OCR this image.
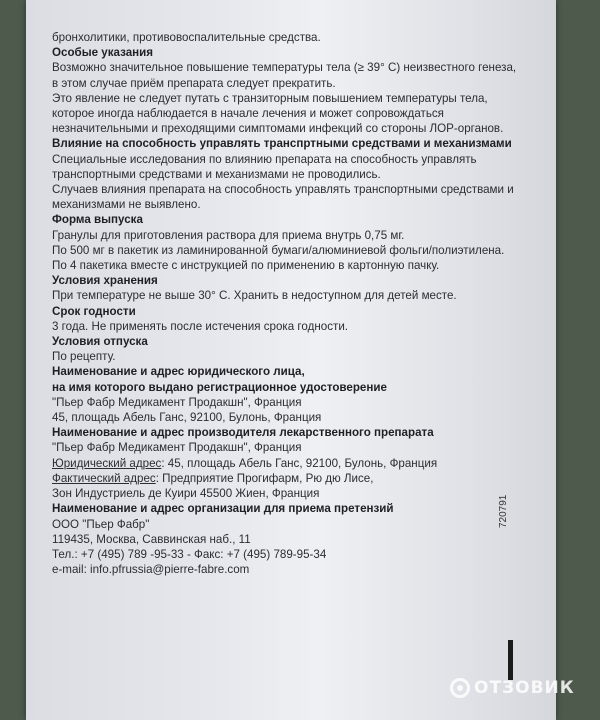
бронхолитики, противовоспалительные средства.

Особые указания

Возможно значительное повышение температуры тела (≥ 39° С) неизвестного генеза, в этом случае приём препарата следует прекратить.

Это явление не следует путать с транзиторным повышением температуры тела, которое иногда наблюдается в начале лечения и может сопровождаться незначительными и преходящими симптомами инфекций со стороны ЛОР-органов.

Влияние на способность управлять транспртными средствами и механизмами

Специальные исследования по влиянию препарата на способность управлять транспортными средствами и механизмами не проводились.

Случаев влияния препарата на способность управлять транспортными средствами и механизмами не выявлено.

Форма выпуска

Гранулы для приготовления раствора для приема внутрь 0,75 мг.

По 500 мг в пакетик из ламинированной бумаги/алюминиевой фольги/полиэтилена.

По 4 пакетика вместе с инструкцией по применению в картонную пачку.

Условия хранения

При температуре не выше 30° С. Хранить в недоступном для детей месте.

Срок годности

3 года. Не применять после истечения срока годности.

Условия отпуска

По рецепту.

Наименование и адрес юридического лица,

на имя которого выдано регистрационное удостоверение

"Пьер Фабр Медикамент Продакшн", Франция

45, площадь Абель Ганс, 92100, Булонь, Франция

Наименование и адрес производителя лекарственного препарата

"Пьер Фабр Медикамент Продакшн", Франция

Юридический адрес: 45, площадь Абель Ганс, 92100, Булонь, Франция

Фактический адрес: Предприятие Прогифарм, Рю дю Лисе,

Зон Индустриель де Куири 45500 Жиен, Франция

Наименование и адрес организации для приема претензий

ООО "Пьер Фабр"

119435, Москва, Саввинская наб., 11

Тел.: +7 (495) 789 -95-33 - Факс: +7 (495) 789-95-34

e-mail: info.pfrussia@pierre-fabre.com

720791
ОТЗОВИК
